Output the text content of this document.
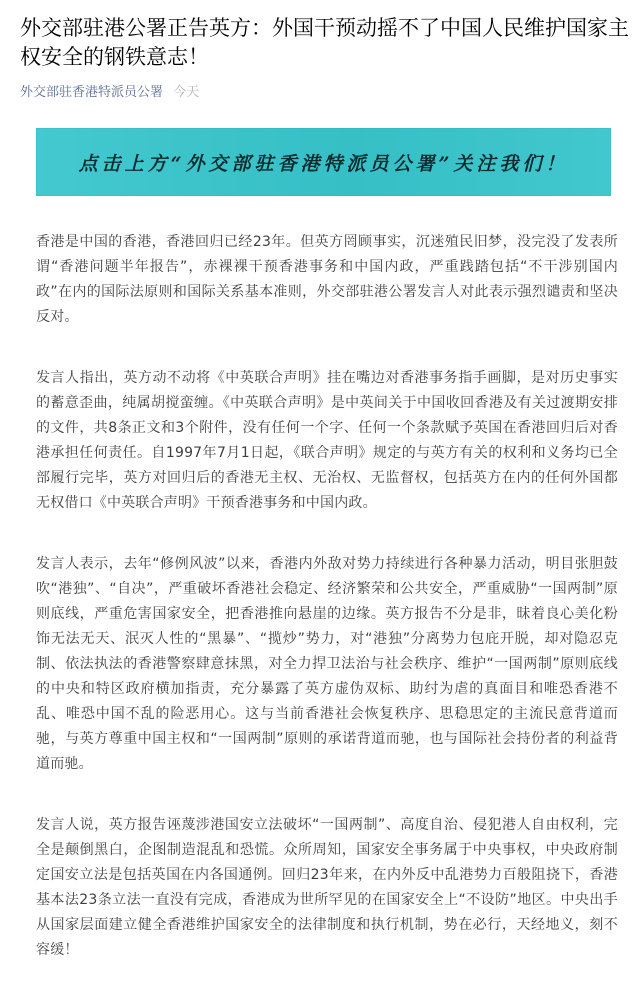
外交部驻港公署正告英方：外国干预动摇不了中国人民维护国家主权安全的钢铁意志！
外交部驻香港特派员公署 今天
点击上方“外交部驻香港特派员公署”关注我们！

香港是中国的香港，香港回归已经23年。但英方罔顾事实，沉迷殖民旧梦，没完没了发表所谓“香港问题半年报告”，赤裸裸干预香港事务和中国内政，严重践踏包括“不干涉别国内政”在内的国际法原则和国际关系基本准则，外交部驻港公署发言人对此表示强烈谴责和坚决反对。

发言人指出，英方动不动将《中英联合声明》挂在嘴边对香港事务指手画脚，是对历史事实的蓄意歪曲，纯属胡搅蛮缠。《中英联合声明》是中英间关于中国收回香港及有关过渡期安排的文件，共8条正文和3个附件，没有任何一个字、任何一个条款赋予英国在香港回归后对香港承担任何责任。自1997年7月1日起，《联合声明》规定的与英方有关的权利和义务均已全部履行完毕，英方对回归后的香港无主权、无治权、无监督权，包括英方在内的任何外国都无权借口《中英联合声明》干预香港事务和中国内政。

发言人表示，去年“修例风波”以来，香港内外敌对势力持续进行各种暴力活动，明目张胆鼓吹“港独”、“自决”，严重破坏香港社会稳定、经济繁荣和公共安全，严重威胁“一国两制”原则底线，严重危害国家安全，把香港推向悬崖的边缘。英方报告不分是非，昧着良心美化粉饰无法无天、泯灭人性的“黑暴”、“揽炒”势力，对“港独”分离势力包庇开脱，却对隐忍克制、依法执法的香港警察肆意抹黑，对全力捍卫法治与社会秩序、维护“一国两制”原则底线的中央和特区政府横加指责，充分暴露了英方虚伪双标、助纣为虐的真面目和唯恐香港不乱、唯恐中国不乱的险恶用心。这与当前香港社会恢复秩序、思稳思定的主流民意背道而驰，与英方尊重中国主权和“一国两制”原则的承诺背道而驰，也与国际社会持份者的利益背道而驰。

发言人说，英方报告诬蔑涉港国安立法破坏“一国两制”、高度自治、侵犯港人自由权利，完全是颠倒黑白，企图制造混乱和恐慌。众所周知，国家安全事务属于中央事权，中央政府制定国安立法是包括英国在内各国通例。回归23年来，在内外反中乱港势力百般阻挠下，香港基本法23条立法一直没有完成，香港成为世所罕见的在国家安全上“不设防”地区。中央出手从国家层面建立健全香港维护国家安全的法律制度和执行机制，势在必行，天经地义，刻不容缓！
